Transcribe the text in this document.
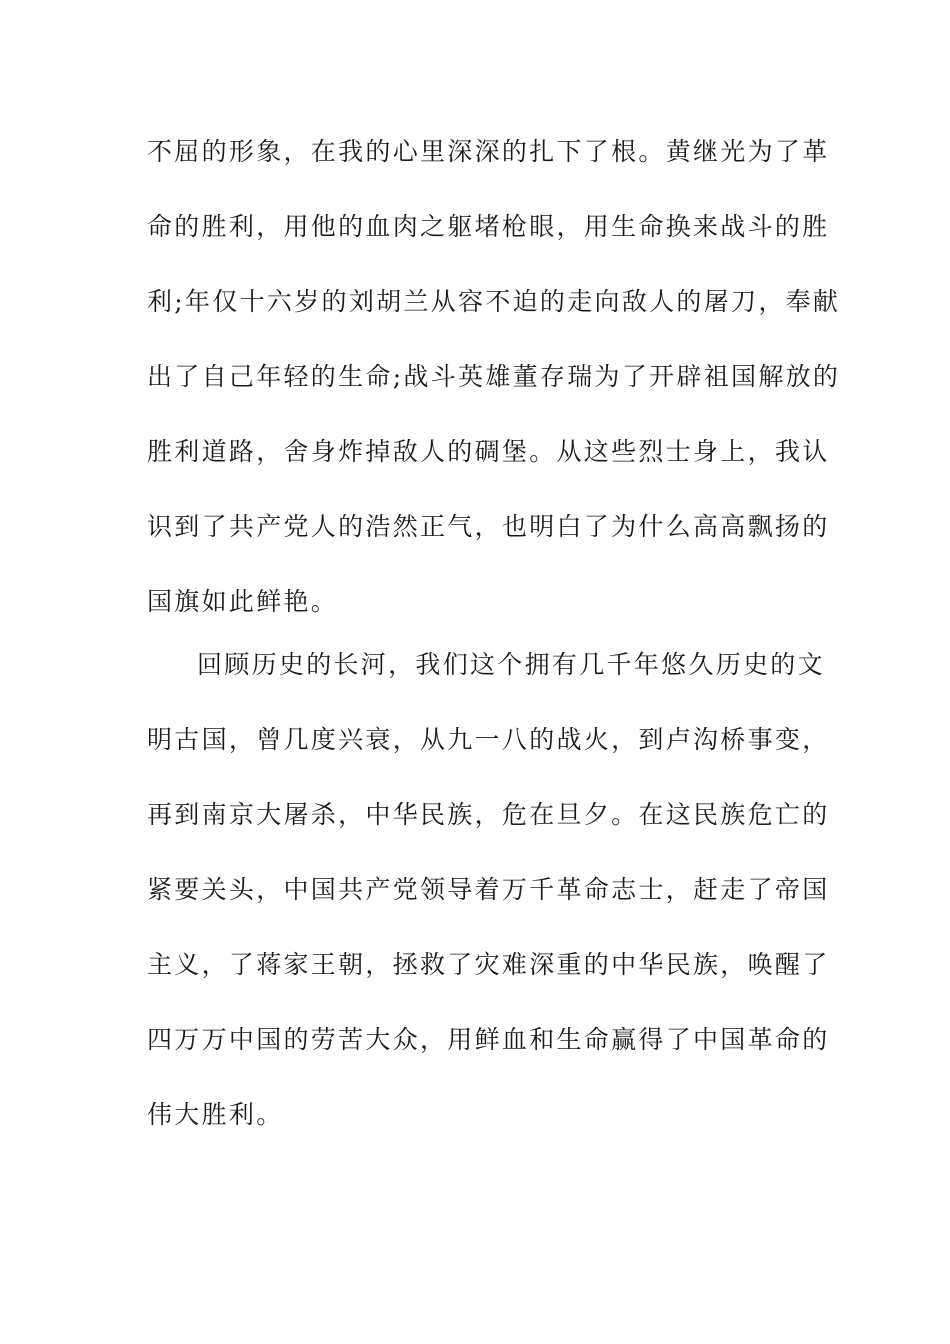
不屈的形象，在我的心里深深的扎下了根。黄继光为了革
命的胜利，用他的血肉之躯堵枪眼，用生命换来战斗的胜
利;年仅十六岁的刘胡兰从容不迫的走向敌人的屠刀，奉献
出了自己年轻的生命;战斗英雄董存瑞为了开辟祖国解放的
胜利道路，舍身炸掉敌人的碉堡。从这些烈士身上，我认
识到了共产党人的浩然正气，也明白了为什么高高飘扬的
国旗如此鲜艳。
回顾历史的长河，我们这个拥有几千年悠久历史的文
明古国，曾几度兴衰，从九一八的战火，到卢沟桥事变，
再到南京大屠杀，中华民族，危在旦夕。在这民族危亡的
紧要关头，中国共产党领导着万千革命志士，赶走了帝国
主义，了蒋家王朝，拯救了灾难深重的中华民族，唤醒了
四万万中国的劳苦大众，用鲜血和生命赢得了中国革命的
伟大胜利。
